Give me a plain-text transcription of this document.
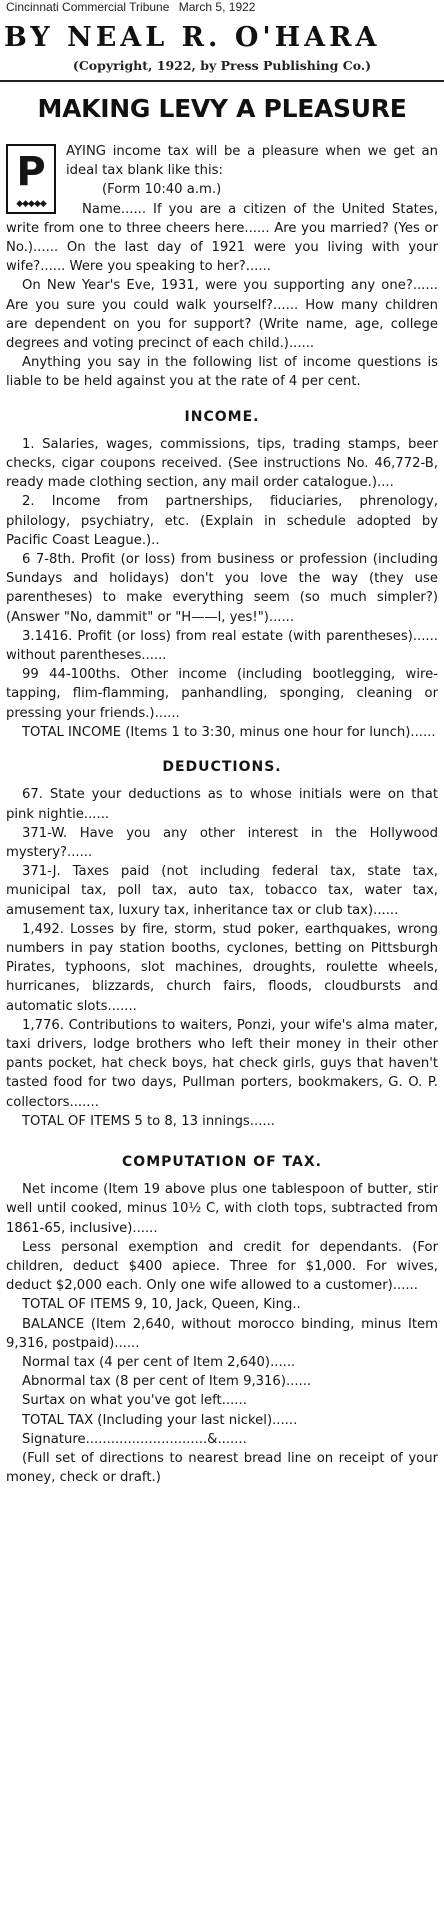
Cincinnati Commercial Tribune March 5, 1922
BY NEAL R. O'HARA
(Copyright, 1922, by Press Publishing Co.)
MAKING LEVY A PLEASURE
P
◆◆◆◆◆

AYING income tax will be a pleasure when we get an ideal tax blank like this:

(Form 10:40 a.m.)

Name...... If you are a citizen of the United States, write from one to three cheers here...... Are you married? (Yes or No.)...... On the last day of 1921 were you living with your wife?...... Were you speaking to her?......

On New Year's Eve, 1931, were you supporting any one?...... Are you sure you could walk yourself?...... How many children are dependent on you for support? (Write name, age, college degrees and voting precinct of each child.)......

Anything you say in the following list of income questions is liable to be held against you at the rate of 4 per cent.

INCOME.

1. Salaries, wages, commissions, tips, trading stamps, beer checks, cigar coupons received. (See instructions No. 46,772-B, ready made clothing section, any mail order catalogue.)....

2. Income from partnerships, fiduciaries, phrenology, philology, psychiatry, etc. (Explain in schedule adopted by Pacific Coast League.)..

6 7-8th. Profit (or loss) from business or profession (including Sundays and holidays) don't you love the way (they use parentheses) to make everything seem (so much simpler?) (Answer "No, dammit" or "H——l, yes!")......

3.1416. Profit (or loss) from real estate (with parentheses)...... without parentheses......

99 44-100ths. Other income (including bootlegging, wire-tapping, flim-flamming, panhandling, sponging, cleaning or pressing your friends.)......

TOTAL INCOME (Items 1 to 3:30, minus one hour for lunch)......

DEDUCTIONS.

67. State your deductions as to whose initials were on that pink nightie......

371-W. Have you any other interest in the Hollywood mystery?......

371-J. Taxes paid (not including federal tax, state tax, municipal tax, poll tax, auto tax, tobacco tax, water tax, amusement tax, luxury tax, inheritance tax or club tax)......

1,492. Losses by fire, storm, stud poker, earthquakes, wrong numbers in pay station booths, cyclones, betting on Pittsburgh Pirates, typhoons, slot machines, droughts, roulette wheels, hurricanes, blizzards, church fairs, floods, cloudbursts and automatic slots.......

1,776. Contributions to waiters, Ponzi, your wife's alma mater, taxi drivers, lodge brothers who left their money in their other pants pocket, hat check boys, hat check girls, guys that haven't tasted food for two days, Pullman porters, bookmakers, G. O. P. collectors.......

TOTAL OF ITEMS 5 to 8, 13 innings......

COMPUTATION OF TAX.

Net income (Item 19 above plus one tablespoon of butter, stir well until cooked, minus 10½ C, with cloth tops, subtracted from 1861-65, inclusive)......

Less personal exemption and credit for dependants. (For children, deduct $400 apiece. Three for $1,000. For wives, deduct $2,000 each. Only one wife allowed to a customer)......

TOTAL OF ITEMS 9, 10, Jack, Queen, King..

BALANCE (Item 2,640, without morocco binding, minus Item 9,316, postpaid)......

Normal tax (4 per cent of Item 2,640)......

Abnormal tax (8 per cent of Item 9,316)......

Surtax on what you've got left......

TOTAL TAX (Including your last nickel)......

Signature.............................&.......

(Full set of directions to nearest bread line on receipt of your money, check or draft.)
